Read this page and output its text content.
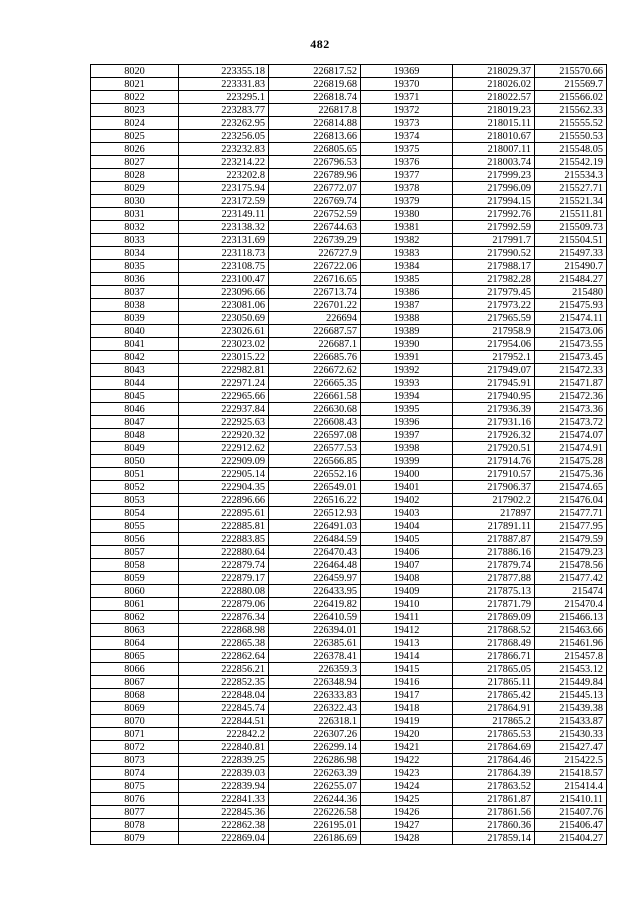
482
8020	223355.18	226817.52	19369	218029.37	215570.66
8021	223331.83	226819.68	19370	218026.02	215569.7
8022	223295.1	226818.74	19371	218022.57	215566.02
8023	223283.77	226817.8	19372	218019.23	215562.33
8024	223262.95	226814.88	19373	218015.11	215555.52
8025	223256.05	226813.66	19374	218010.67	215550.53
8026	223232.83	226805.65	19375	218007.11	215548.05
8027	223214.22	226796.53	19376	218003.74	215542.19
8028	223202.8	226789.96	19377	217999.23	215534.3
8029	223175.94	226772.07	19378	217996.09	215527.71
8030	223172.59	226769.74	19379	217994.15	215521.34
8031	223149.11	226752.59	19380	217992.76	215511.81
8032	223138.32	226744.63	19381	217992.59	215509.73
8033	223131.69	226739.29	19382	217991.7	215504.51
8034	223118.73	226727.9	19383	217990.52	215497.33
8035	223108.75	226722.06	19384	217988.17	215490.7
8036	223100.47	226716.65	19385	217982.28	215484.27
8037	223096.66	226713.74	19386	217979.45	215480
8038	223081.06	226701.22	19387	217973.22	215475.93
8039	223050.69	226694	19388	217965.59	215474.11
8040	223026.61	226687.57	19389	217958.9	215473.06
8041	223023.02	226687.1	19390	217954.06	215473.55
8042	223015.22	226685.76	19391	217952.1	215473.45
8043	222982.81	226672.62	19392	217949.07	215472.33
8044	222971.24	226665.35	19393	217945.91	215471.87
8045	222965.66	226661.58	19394	217940.95	215472.36
8046	222937.84	226630.68	19395	217936.39	215473.36
8047	222925.63	226608.43	19396	217931.16	215473.72
8048	222920.32	226597.08	19397	217926.32	215474.07
8049	222912.62	226577.53	19398	217920.51	215474.91
8050	222909.09	226566.85	19399	217914.76	215475.28
8051	222905.14	226552.16	19400	217910.57	215475.36
8052	222904.35	226549.01	19401	217906.37	215474.65
8053	222896.66	226516.22	19402	217902.2	215476.04
8054	222895.61	226512.93	19403	217897	215477.71
8055	222885.81	226491.03	19404	217891.11	215477.95
8056	222883.85	226484.59	19405	217887.87	215479.59
8057	222880.64	226470.43	19406	217886.16	215479.23
8058	222879.74	226464.48	19407	217879.74	215478.56
8059	222879.17	226459.97	19408	217877.88	215477.42
8060	222880.08	226433.95	19409	217875.13	215474
8061	222879.06	226419.82	19410	217871.79	215470.4
8062	222876.34	226410.59	19411	217869.09	215466.13
8063	222868.98	226394.01	19412	217868.52	215463.66
8064	222865.38	226385.61	19413	217868.49	215461.96
8065	222862.64	226378.41	19414	217866.71	215457.8
8066	222856.21	226359.3	19415	217865.05	215453.12
8067	222852.35	226348.94	19416	217865.11	215449.84
8068	222848.04	226333.83	19417	217865.42	215445.13
8069	222845.74	226322.43	19418	217864.91	215439.38
8070	222844.51	226318.1	19419	217865.2	215433.87
8071	222842.2	226307.26	19420	217865.53	215430.33
8072	222840.81	226299.14	19421	217864.69	215427.47
8073	222839.25	226286.98	19422	217864.46	215422.5
8074	222839.03	226263.39	19423	217864.39	215418.57
8075	222839.94	226255.07	19424	217863.52	215414.4
8076	222841.33	226244.36	19425	217861.87	215410.11
8077	222845.36	226226.58	19426	217861.56	215407.76
8078	222862.38	226195.01	19427	217860.36	215406.47
8079	222869.04	226186.69	19428	217859.14	215404.27
